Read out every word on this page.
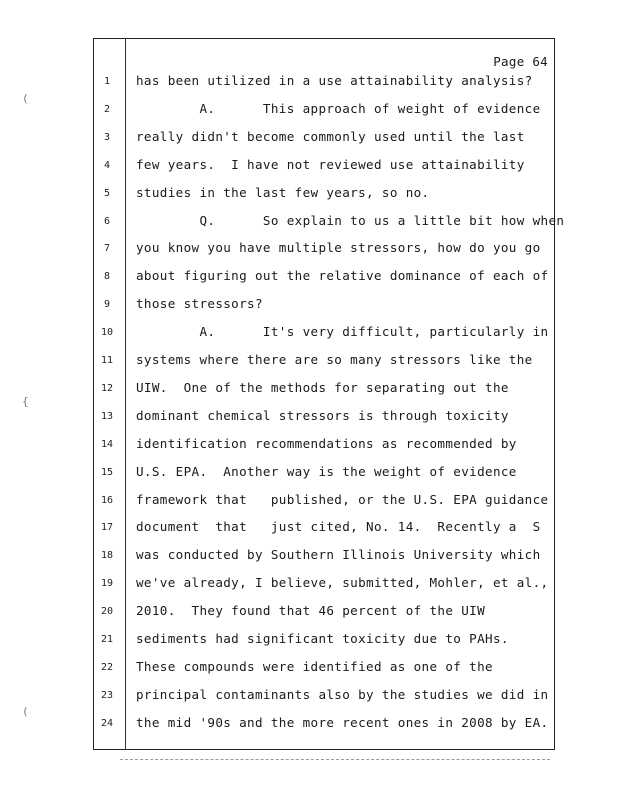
Page 64
(
{
(
1	has been utilized in a use attainability analysis?
2	A.      This approach of weight of evidence
3	really didn't become commonly used until the last
4	few years.  I have not reviewed use attainability
5	studies in the last few years, so no.
6	Q.      So explain to us a little bit how when
7	you know you have multiple stressors, how do you go
8	about figuring out the relative dominance of each of
9	those stressors?
10	A.      It's very difficult, particularly in
11	systems where there are so many stressors like the
12	UIW.  One of the methods for separating out the
13	dominant chemical stressors is through toxicity
14	identification recommendations as recommended by
15	U.S. EPA.  Another way is the weight of evidence
16	framework that   published, or the U.S. EPA guidance
17	document  that   just cited, No. 14.  Recently a  S
18	was conducted by Southern Illinois University which
19	we've already, I believe, submitted, Mohler, et al.,
20	2010.  They found that 46 percent of the UIW
21	sediments had significant toxicity due to PAHs.
22	These compounds were identified as one of the
23	principal contaminants also by the studies we did in
24	the mid '90s and the more recent ones in 2008 by EA.
